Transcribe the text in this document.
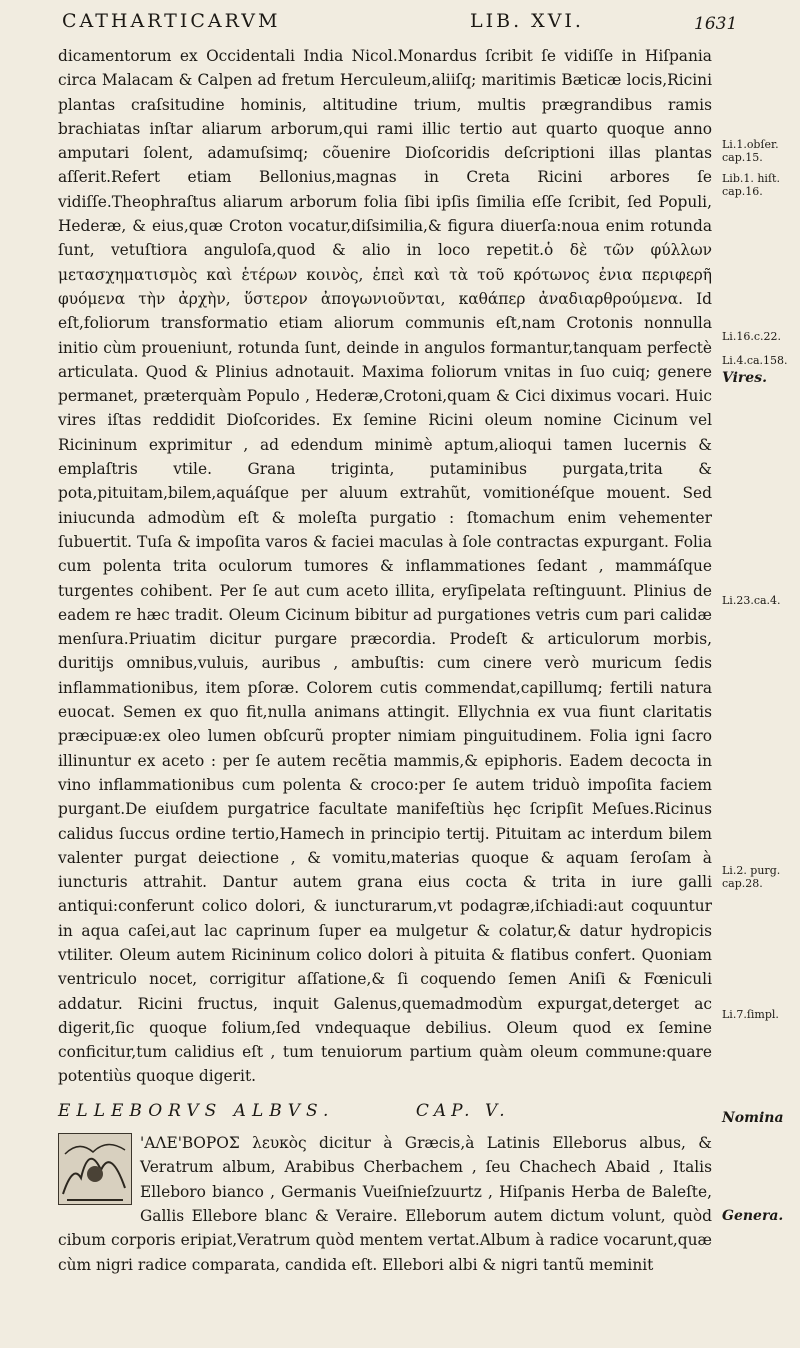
CATHARTICARVM	LIB. XVI.	1631

dicamentorum ex Occidentali India Nicol.Monardus ſcribit ſe vidiſſe in Hiſpania circa Malacam & Calpen ad fretum Herculeum,aliiſq; maritimis Bæticæ locis,Ricini plantas craſsitudine hominis, altitudine trium, multis prægrandibus ramis brachiatas inſtar aliarum arborum,qui rami illic tertio aut quarto quoque anno amputari ſolent, adamuſsimq; cõuenire Dioſcoridis deſcriptioni illas plantas aſſerit.Refert etiam Bellonius,magnas in Creta Ricini arbores ſe vidiſſe.Theophraſtus aliarum arborum folia ſibi ipſis ſimilia eſſe ſcribit, ſed Populi, Hederæ, & eius,quæ Croton vocatur,diſsimilia,& figura diuerſa:noua enim rotunda ſunt, vetuſtiora anguloſa,quod & alio in loco repetit.ὁ δὲ τῶν φύλλων μετασχηματισμὸς καὶ ἑτέρων κοινὸς, ἐπεὶ καὶ τὰ τοῦ κρότωνος ἐνια περιφερῆ φυόμενα τὴν ἀρχὴν, ὕστερον ἀπογωνιοῦνται, καθάπερ ἀναδιαρθρούμενα. Id eſt,foliorum transformatio etiam aliorum communis eſt,nam Crotonis nonnulla initio cùm proueniunt, rotunda ſunt, deinde in angulos formantur,tanquam perfectè articulata. Quod & Plinius adnotauit. Maxima foliorum vnitas in ſuo cuiq; genere permanet, præterquàm Populo , Hederæ,Crotoni,quam & Cici diximus vocari. Huic vires iſtas reddidit Dioſcorides. Ex ſemine Ricini oleum nomine Cicinum vel Ricininum exprimitur , ad edendum minimè aptum,alioqui tamen lucernis & emplaſtris vtile. Grana triginta, putaminibus purgata,trita & pota,pituitam,bilem,aquáſque per aluum extrahũt, vomitionéſque mouent. Sed iniucunda admodùm eſt & moleſta purgatio : ſtomachum enim vehementer ſubuertit. Tuſa & impoſita varos & faciei maculas à ſole contractas expurgant. Folia cum polenta trita oculorum tumores & inflammationes ſedant , mammáſque turgentes cohibent. Per ſe aut cum aceto illita, eryſipelata reſtinguunt. Plinius de eadem re hæc tradit. Oleum Cicinum bibitur ad purgationes vetris cum pari calidæ menſura.Priuatim dicitur purgare præcordia. Prodeſt & articulorum morbis, duritijs omnibus,vuluis, auribus , ambuſtis: cum cinere verò muricum ſedis inflammationibus, item pſoræ. Colorem cutis commendat,capillumq; fertili natura euocat. Semen ex quo fit,nulla animans attingit. Ellychnia ex vua fiunt claritatis præcipuæ:ex oleo lumen obſcurũ propter nimiam pinguitudinem. Folia igni ſacro illinuntur ex aceto : per ſe autem recẽtia mammis,& epiphoris. Eadem decocta in vino inflammationibus cum polenta & croco:per ſe autem triduò impoſita faciem purgant.De eiuſdem purgatrice facultate manifeſtiùs hęc ſcripſit Meſues.Ricinus calidus ſuccus ordine tertio,Hamech in principio tertij. Pituitam ac interdum bilem valenter purgat deiectione , & vomitu,materias quoque & aquam ſeroſam à iuncturis attrahit. Dantur autem grana eius cocta & trita in iure galli antiqui:conferunt colico dolori, & iuncturarum,vt podagræ,iſchiadi:aut coquuntur in aqua caſei,aut lac caprinum ſuper ea mulgetur & colatur,& datur hydropicis vtiliter. Oleum autem Ricininum colico dolori à pituita & flatibus confert. Quoniam ventriculo nocet, corrigitur aſſatione,& ſi coquendo ſemen Aniſi & Fœniculi addatur. Ricini fructus, inquit Galenus,quemadmodùm expurgat,deterget ac digerit,ſic quoque folium,ſed vndequaque debilius. Oleum quod ex ſemine conficitur,tum calidius eſt , tum tenuiorum partium quàm oleum commune:quare potentiùs quoque digerit.

ELLEBORVS ALBVS.	CAP. V.

'ΑΛΕ'ΒΟΡΟΣ λευκὸς dicitur à Græcis,à Latinis Elleborus albus, & Veratrum album, Arabibus Cherbachem , ſeu Chachech Abaid , Italis Elleboro bianco , Germanis Vueiſnieſzuurtz , Hiſpanis Herba de Baleſte, Gallis Ellebore blanc & Veraire. Elleborum autem dictum volunt, quòd cibum corporis eripiat,Veratrum quòd mentem vertat.Album à radice vocarunt,quæ cùm nigri radice comparata, candida eſt. Ellebori albi & nigri tantũ meminit

Li.1.obſer. cap.15.
Lib.1. hiſt. cap.16.
Li.16.c.22.
Li.4.ca.158.
Vires.
Li.23.ca.4.
Li.2. purg. cap.28.
Li.7.ſimpl.
Nomina
Genera.
